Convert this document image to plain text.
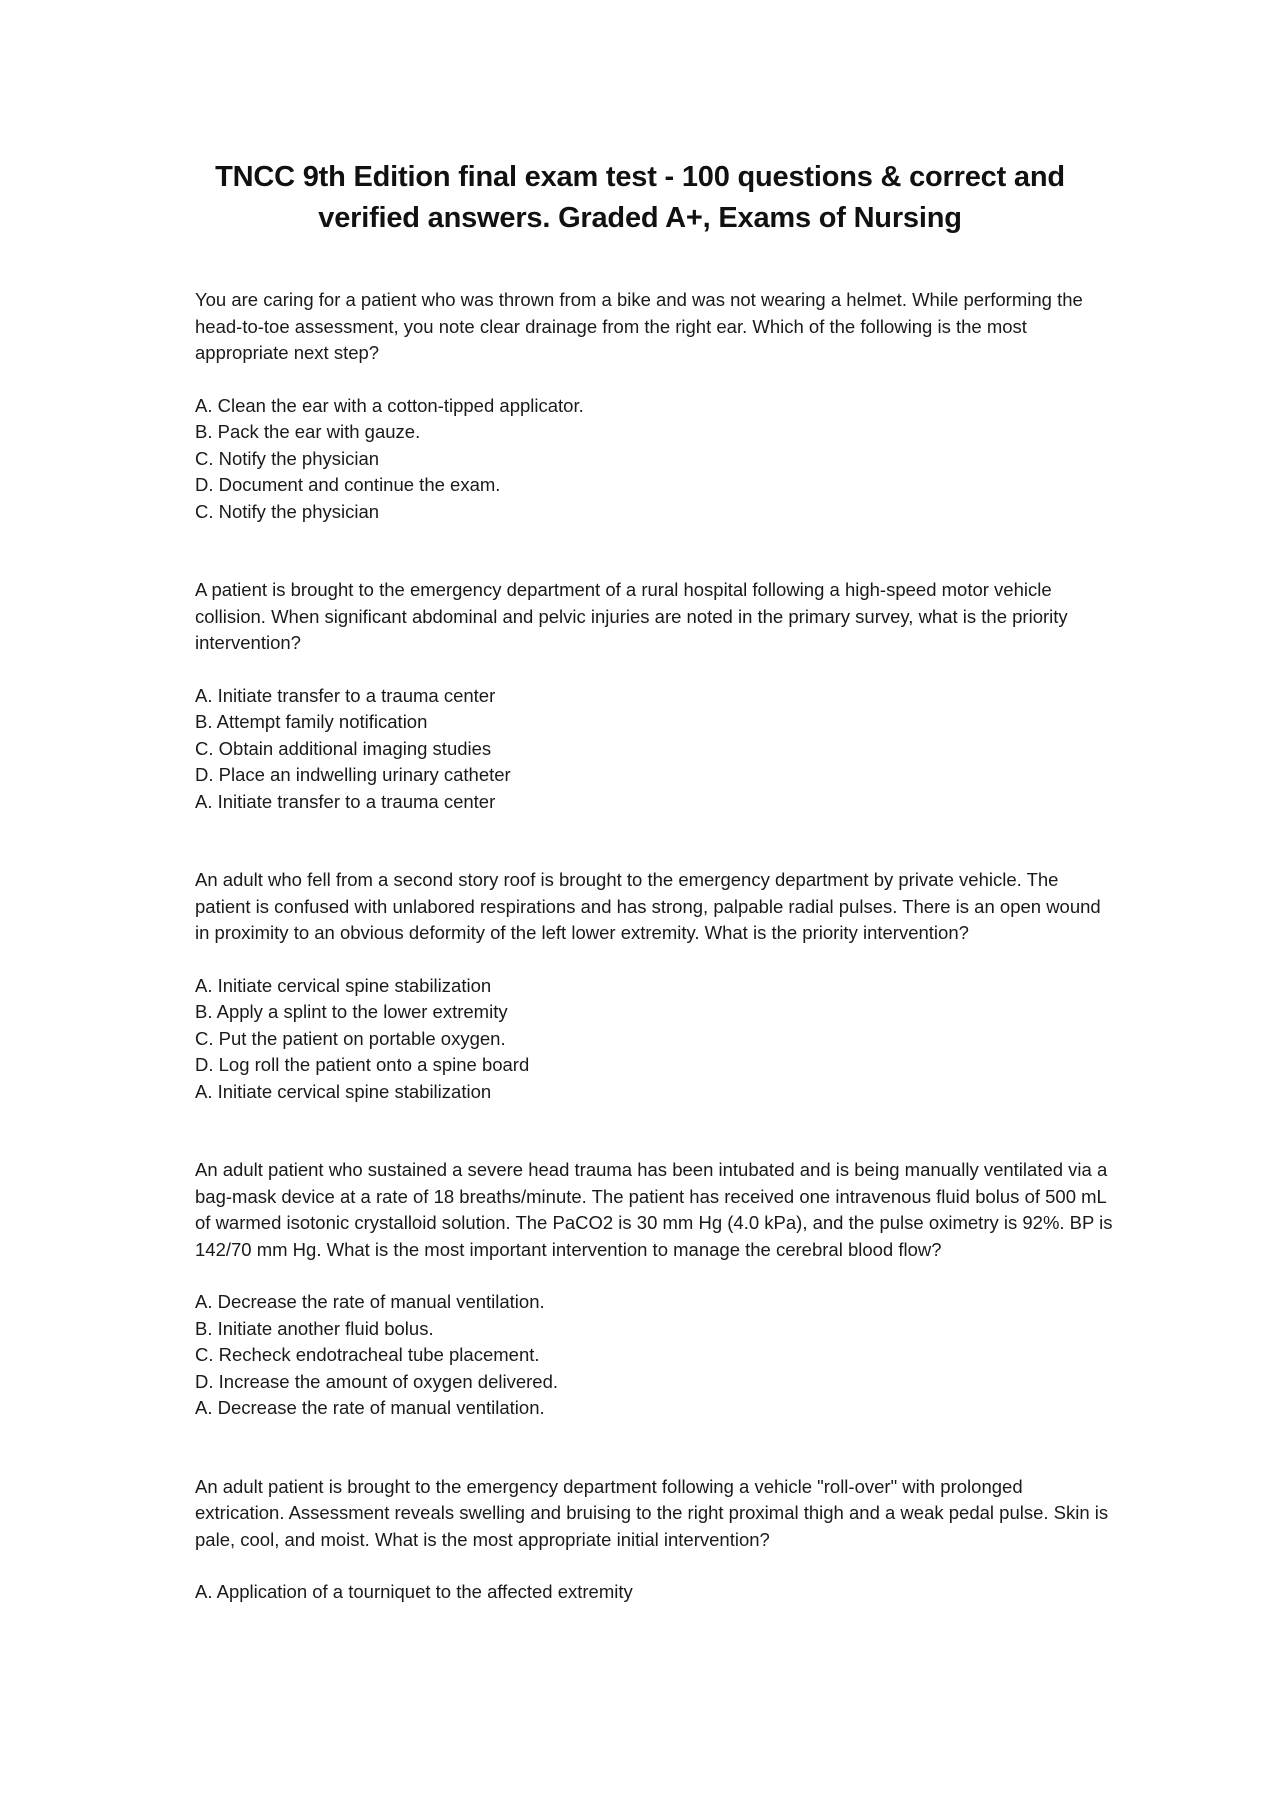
TNCC 9th Edition final exam test - 100 questions & correct and
verified answers. Graded A+, Exams of Nursing

You are caring for a patient who was thrown from a bike and was not wearing a helmet. While performing the head-to-toe assessment, you note clear drainage from the right ear. Which of the following is the most appropriate next step?

A. Clean the ear with a cotton-tipped applicator.
B. Pack the ear with gauze.
C. Notify the physician
D. Document and continue the exam.
C. Notify the physician

A patient is brought to the emergency department of a rural hospital following a high-speed motor vehicle collision. When significant abdominal and pelvic injuries are noted in the primary survey, what is the priority intervention?

A. Initiate transfer to a trauma center
B. Attempt family notification
C. Obtain additional imaging studies
D. Place an indwelling urinary catheter
A. Initiate transfer to a trauma center

An adult who fell from a second story roof is brought to the emergency department by private vehicle. The patient is confused with unlabored respirations and has strong, palpable radial pulses. There is an open wound in proximity to an obvious deformity of the left lower extremity. What is the priority intervention?

A. Initiate cervical spine stabilization
B. Apply a splint to the lower extremity
C. Put the patient on portable oxygen.
D. Log roll the patient onto a spine board
A. Initiate cervical spine stabilization

An adult patient who sustained a severe head trauma has been intubated and is being manually ventilated via a bag-mask device at a rate of 18 breaths/minute. The patient has received one intravenous fluid bolus of 500 mL of warmed isotonic crystalloid solution. The PaCO2 is 30 mm Hg (4.0 kPa), and the pulse oximetry is 92%. BP is 142/70 mm Hg. What is the most important intervention to manage the cerebral blood flow?

A. Decrease the rate of manual ventilation.
B. Initiate another fluid bolus.
C. Recheck endotracheal tube placement.
D. Increase the amount of oxygen delivered.
A. Decrease the rate of manual ventilation.

An adult patient is brought to the emergency department following a vehicle "roll-over" with prolonged extrication. Assessment reveals swelling and bruising to the right proximal thigh and a weak pedal pulse. Skin is pale, cool, and moist. What is the most appropriate initial intervention?

A. Application of a tourniquet to the affected extremity
